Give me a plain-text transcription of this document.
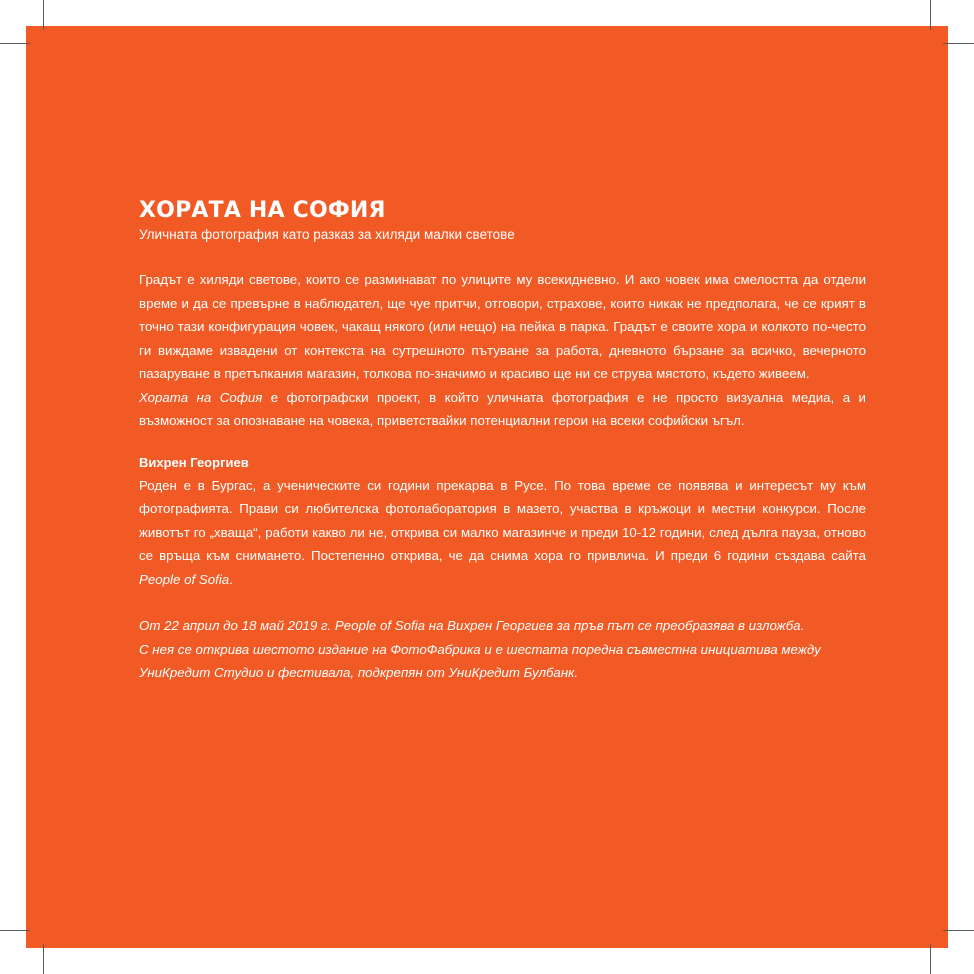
ХОРАТА НА СОФИЯ

Уличната фотография като разказ за хиляди малки светове

Градът е хиляди светове, които се разминават по улиците му всекидневно. И ако човек има смелостта да отдели време и да се превърне в наблюдател, ще чуе притчи, отговори, страхове, които никак не предполага, че се крият в точно тази конфигурация човек, чакащ някого (или нещо) на пейка в парка. Градът е своите хора и колкото по-често ги виждаме извадени от контекста на сутрешното пътуване за работа, дневното бързане за всичко, вечерното пазаруване в претъпкания магазин, толкова по-значимо и красиво ще ни се струва мястото, където живеем.

Хората на София е фотографски проект, в който уличната фотография е не просто визуална медиа, а и възможност за опознаване на човека, приветствайки потенциални герои на всеки софийски ъгъл.

Вихрен Георгиев

Роден е в Бургас, а ученическите си години прекарва в Русе. По това време се появява и интересът му към фотографията. Прави си любителска фотолаборатория в мазето, участва в кръжоци и местни конкурси. После животът го „хваща“, работи какво ли не, открива си малко магазинче и преди 10-12 години, след дълга пауза, отново се връща към снимането. Постепенно открива, че да снима хора го привлича. И преди 6 години създава сайта People of Sofia.

От 22 април до 18 май 2019 г. People of Sofia на Вихрен Георгиев за пръв път се преобразява в изложба.

С нея се открива шестото издание на ФотоФабрика и е шестата поредна съвместна инициатива между

УниКредит Студио и фестивала, подкрепян от УниКредит Булбанк.
